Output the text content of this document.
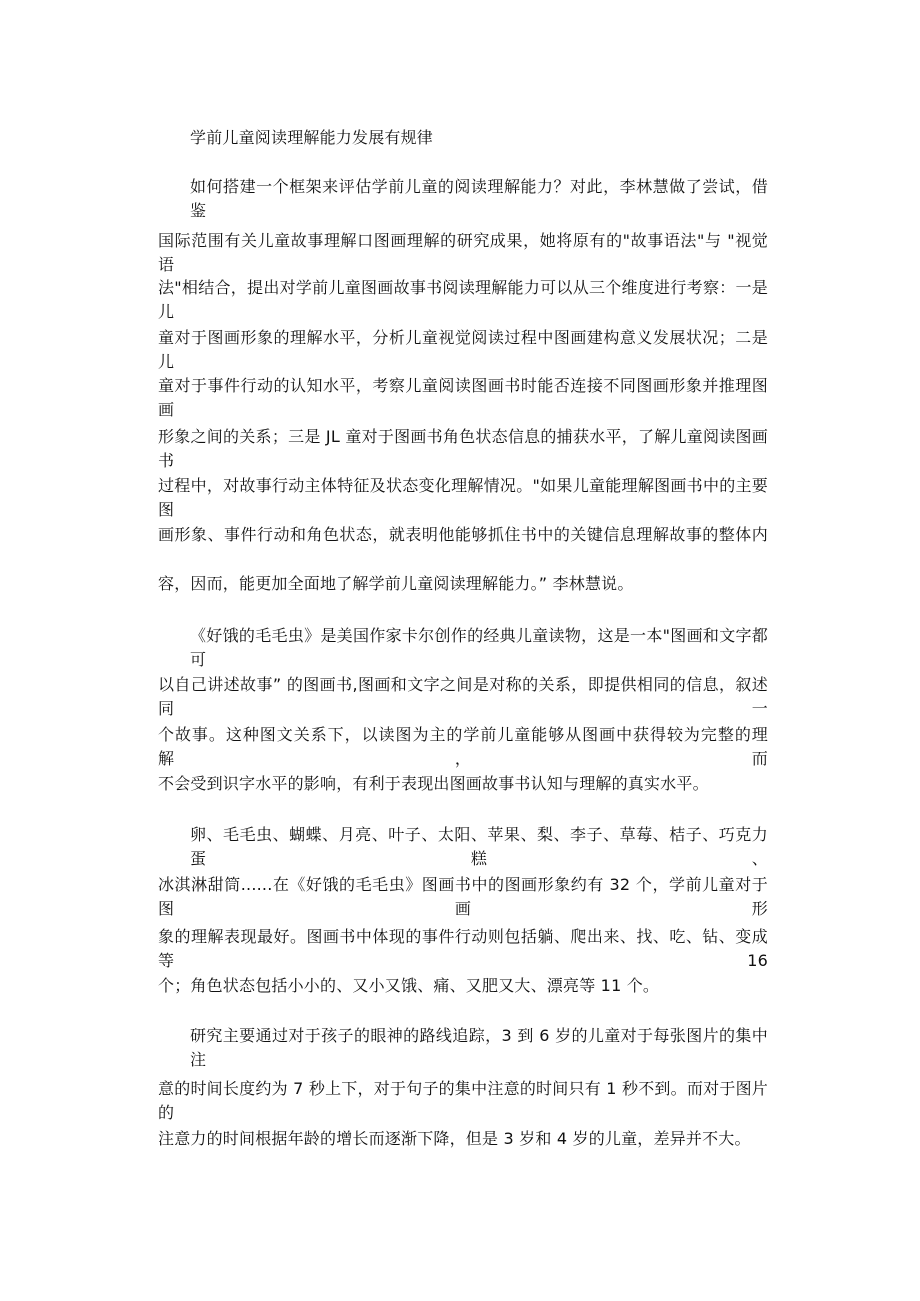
学前儿童阅读理解能力发展有规律
如何搭建一个框架来评估学前儿童的阅读理解能力？对此，李林慧做了尝试，借鉴
国际范围有关儿童故事理解口图画理解的研究成果，她将原有的"故事语法"与 "视觉语
法"相结合，提出对学前儿童图画故事书阅读理解能力可以从三个维度进行考察：一是儿
童对于图画形象的理解水平，分析儿童视觉阅读过程中图画建构意义发展状况；二是儿
童对于事件行动的认知水平，考察儿童阅读图画书时能否连接不同图画形象并推理图画
形象之间的关系；三是 JL 童对于图画书角色状态信息的捕获水平，了解儿童阅读图画书
过程中，对故事行动主体特征及状态变化理解情况。"如果儿童能理解图画书中的主要图
画形象、事件行动和角色状态，就表明他能够抓住书中的关键信息理解故事的整体内
容，因而，能更加全面地了解学前儿童阅读理解能力。” 李林慧说。
《好饿的毛毛虫》是美国作家卡尔创作的经典儿童读物，这是一本"图画和文字都可
以自己讲述故事” 的图画书,图画和文字之间是对称的关系，即提供相同的信息，叙述同一
个故事。这种图文关系下，以读图为主的学前儿童能够从图画中获得较为完整的理解，而
不会受到识字水平的影响，有利于表现出图画故事书认知与理解的真实水平。
卵、毛毛虫、蝴蝶、月亮、叶子、太阳、苹果、梨、李子、草莓、桔子、巧克力蛋糕、
冰淇淋甜筒......在《好饿的毛毛虫》图画书中的图画形象约有 32 个，学前儿童对于图画形
象的理解表现最好。图画书中体现的事件行动则包括躺、爬出来、找、吃、钻、变成等 16
个；角色状态包括小小的、又小又饿、痛、又肥又大、漂亮等 11 个。
研究主要通过对于孩子的眼神的路线追踪，3 到 6 岁的儿童对于每张图片的集中注
意的时间长度约为 7 秒上下，对于句子的集中注意的时间只有 1 秒不到。而对于图片的
注意力的时间根据年龄的增长而逐渐下降，但是 3 岁和 4 岁的儿童，差异并不大。
